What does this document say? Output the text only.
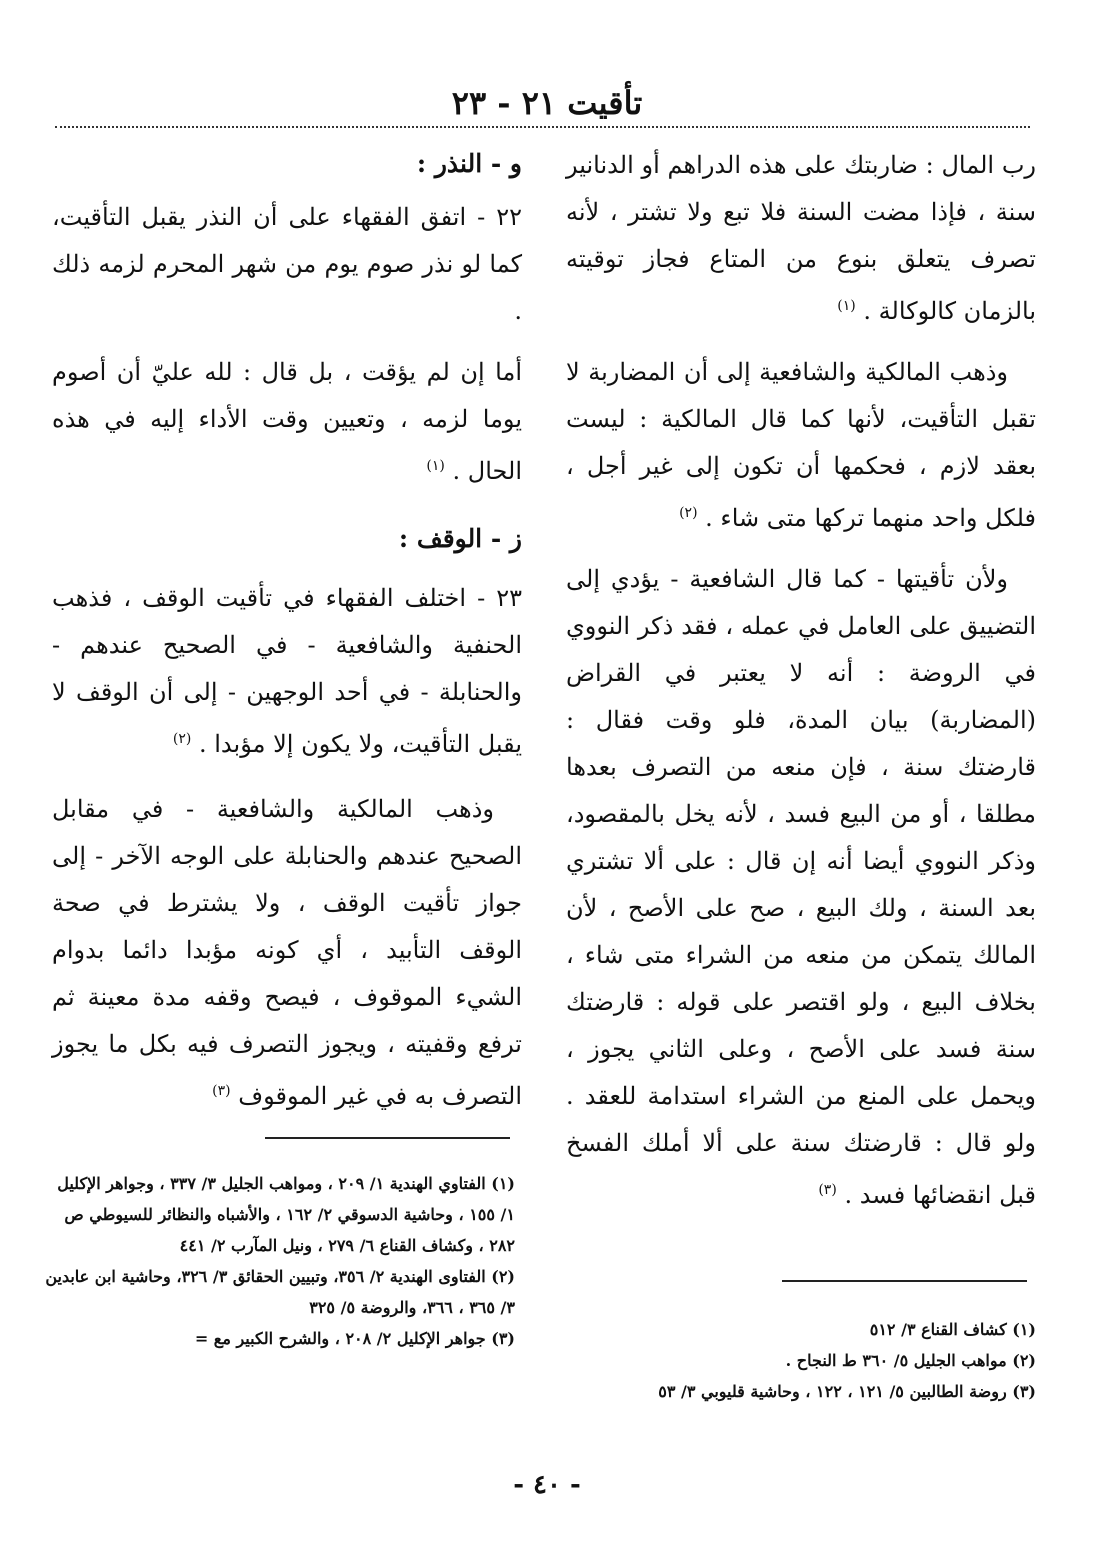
تأقيت ٢١ - ٢٣

رب المال : ضاربتك على هذه الدراهم أو الدنانير سنة ، فإذا مضت السنة فلا تبع ولا تشتر ، لأنه تصرف يتعلق بنوع من المتاع فجاز توقيته بالزمان كالوكالة . $^{(١)}$

وذهب المالكية والشافعية إلى أن المضاربة لا تقبل التأقيت، لأنها كما قال المالكية : ليست بعقد لازم ، فحكمها أن تكون إلى غير أجل ، فلكل واحد منهما تركها متى شاء . $^{(٢)}$

ولأن تأقيتها - كما قال الشافعية - يؤدي إلى التضييق على العامل في عمله ، فقد ذكر النووي في الروضة : أنه لا يعتبر في القراض (المضاربة) بيان المدة، فلو وقت فقال : قارضتك سنة ، فإن منعه من التصرف بعدها مطلقا ، أو من البيع فسد ، لأنه يخل بالمقصود، وذكر النووي أيضا أنه إن قال : على ألا تشتري بعد السنة ، ولك البيع ، صح على الأصح ، لأن المالك يتمكن من منعه من الشراء متى شاء ، بخلاف البيع ، ولو اقتصر على قوله : قارضتك سنة فسد على الأصح ، وعلى الثاني يجوز ، ويحمل على المنع من الشراء استدامة للعقد . ولو قال : قارضتك سنة على ألا أملك الفسخ قبل انقضائها فسد . $^{(٣)}$

و - النذر :

٢٢ - اتفق الفقهاء على أن النذر يقبل التأقيت، كما لو نذر صوم يوم من شهر المحرم لزمه ذلك .

أما إن لم يؤقت ، بل قال : لله عليّ أن أصوم يوما لزمه ، وتعيين وقت الأداء إليه في هذه الحال . $^{(١)}$

ز - الوقف :

٢٣ - اختلف الفقهاء في تأقيت الوقف ، فذهب الحنفية والشافعية - في الصحيح عندهم - والحنابلة - في أحد الوجهين - إلى أن الوقف لا يقبل التأقيت، ولا يكون إلا مؤبدا . $^{(٢)}$

وذهب المالكية والشافعية - في مقابل الصحيح عندهم والحنابلة على الوجه الآخر - إلى جواز تأقيت الوقف ، ولا يشترط في صحة الوقف التأبيد ، أي كونه مؤبدا دائما بدوام الشيء الموقوف ، فيصح وقفه مدة معينة ثم ترفع وقفيته ، ويجوز التصرف فيه بكل ما يجوز التصرف به في غير الموقوف $^{(٣)}$

(١) الفتاوي الهندية ١/ ٢٠٩ ، ومواهب الجليل ٣/ ٣٣٧ ، وجواهر الإكليل ١/ ١٥٥ ، وحاشية الدسوقي ٢/ ١٦٢ ، والأشباه والنظائر للسيوطي ص ٢٨٢ ، وكشاف القناع ٦/ ٢٧٩ ، ونيل المآرب ٢/ ٤٤١
(٢) الفتاوى الهندية ٢/ ٣٥٦، وتبيين الحقائق ٣/ ٣٢٦، وحاشية ابن عابدين ٣/ ٣٦٥ ، ٣٦٦، والروضة ٥/ ٣٢٥
(٣) جواهر الإكليل ٢/ ٢٠٨ ، والشرح الكبير مع =	(١) كشاف القناع ٣/ ٥١٢
(٢) مواهب الجليل ٥/ ٣٦٠ ط النجاح .
(٣) روضة الطالبين ٥/ ١٢١ ، ١٢٢ ، وحاشية قليوبي ٣/ ٥٣
- ٤٠ -
